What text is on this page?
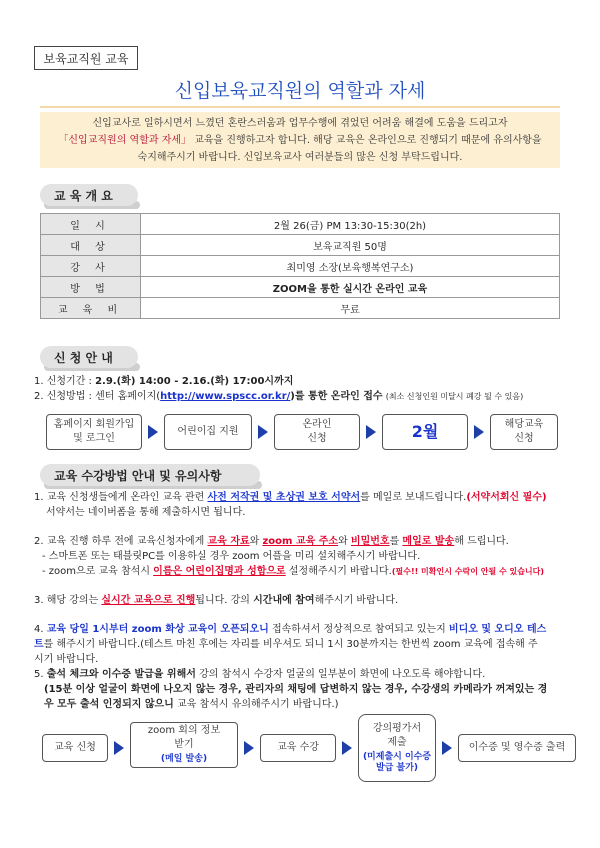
보육교직원 교육
신입보육교직원의 역할과 자세
신입교사로 일하시면서 느꼈던 혼란스러움과 업무수행에 겪었던 어려움 해결에 도움을 드리고자
「신입교직원의 역할과 자세」 교육을 진행하고자 합니다. 해당 교육은 온라인으로 진행되기 때문에 유의사항을
숙지해주시기 바랍니다. 신입보육교사 여러분들의 많은 신청 부탁드립니다.
교 육 개 요
일 시	2월 26(금) PM 13:30-15:30(2h)
대 상	보육교직원 50명
강 사	최미영 소장(보육행복연구소)
방 법	ZOOM을 통한 실시간 온라인 교육
교 육 비	무료
신 청 안 내
1. 신청기간 : 2.9.(화) 14:00 - 2.16.(화) 17:00시까지
2. 신청방법 : 센터 홈페이지(http://www.spscc.or.kr/)를 통한 온라인 접수 (최소 신청인원 미달시 폐강 될 수 있음)
홈페이지 회원가입
및 로그인
어린이집 지원
온라인
신청	2월	해당교육
신청
교육 수강방법 안내 및 유의사항
1. 교육 신청생들에게 온라인 교육 관련 사전 저작권 및 초상권 보호 서약서를 메일로 보내드립니다.(서약서회신 필수)
서약서는 네이버폼을 통해 제출하시면 됩니다.
2. 교육 진행 하루 전에 교육신청자에게 교육 자료와 zoom 교육 주소와 비밀번호를 메일로 발송해 드립니다.
- 스마트폰 또는 태블릿PC를 이용하실 경우 zoom 어플을 미리 설치해주시기 바랍니다.
- zoom으로 교육 참석시 이름은 어린이집명과 성함으로 설정해주시기 바랍니다.(필수!! 미확인시 수락이 안될 수 있습니다)
3. 해당 강의는 실시간 교육으로 진행됩니다. 강의 시간내에 참여해주시기 바랍니다.
4. 교육 당일 1시부터 zoom 화상 교육이 오픈되오니 접속하셔서 정상적으로 참여되고 있는지 비디오 및 오디오 테스
트를 해주시기 바랍니다.(테스트 마친 후에는 자리를 비우셔도 되니 1시 30분까지는 한번씩 zoom 교육에 접속해 주
시기 바랍니다.
5. 출석 체크와 이수증 발급을 위해서 강의 참석시 수강자 얼굴의 일부분이 화면에 나오도록 해야합니다.
(15분 이상 얼굴이 화면에 나오지 않는 경우, 관리자의 채팅에 답변하지 않는 경우, 수강생의 카메라가 꺼져있는 경
우 모두 출석 인정되지 않으니 교육 참석시 유의해주시기 바랍니다.)
교육 신청
zoom 회의 정보
받기
(메일 발송)
교육 수강
강의평가서
제출
(미제출시 이수증 발급 불가)
이수증 및 영수증 출력
